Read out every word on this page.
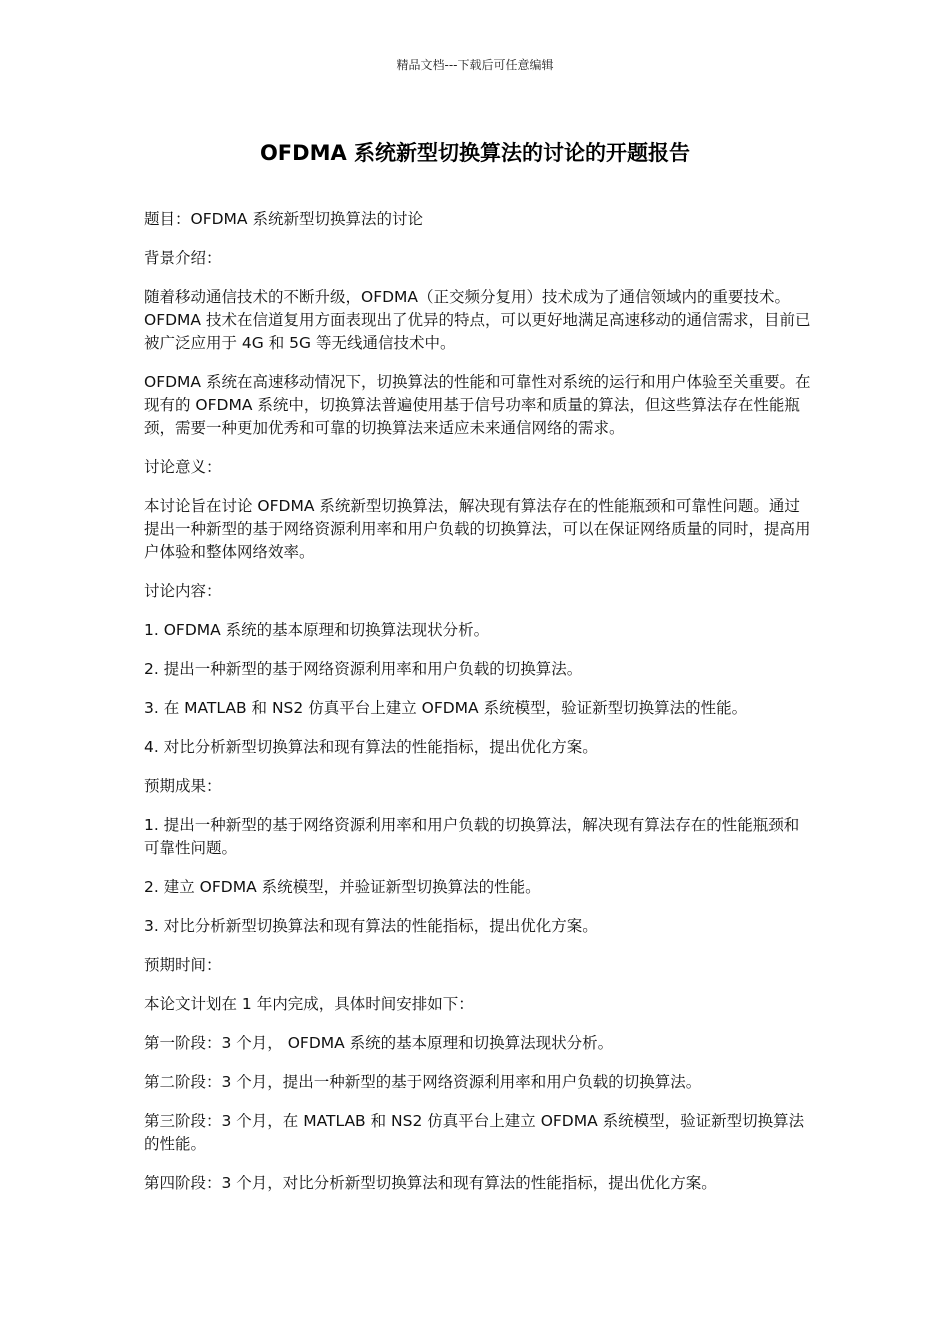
精品文档---下载后可任意编辑
OFDMA 系统新型切换算法的讨论的开题报告

题目：OFDMA 系统新型切换算法的讨论

背景介绍：

随着移动通信技术的不断升级，OFDMA（正交频分复用）技术成为了通信领域内的重要技术。OFDMA 技术在信道复用方面表现出了优异的特点，可以更好地满足高速移动的通信需求，目前已被广泛应用于 4G 和 5G 等无线通信技术中。

OFDMA 系统在高速移动情况下，切换算法的性能和可靠性对系统的运行和用户体验至关重要。在现有的 OFDMA 系统中，切换算法普遍使用基于信号功率和质量的算法，但这些算法存在性能瓶颈，需要一种更加优秀和可靠的切换算法来适应未来通信网络的需求。

讨论意义：

本讨论旨在讨论 OFDMA 系统新型切换算法，解决现有算法存在的性能瓶颈和可靠性问题。通过提出一种新型的基于网络资源利用率和用户负载的切换算法，可以在保证网络质量的同时，提高用户体验和整体网络效率。

讨论内容：

1. OFDMA 系统的基本原理和切换算法现状分析。

2. 提出一种新型的基于网络资源利用率和用户负载的切换算法。

3. 在 MATLAB 和 NS2 仿真平台上建立 OFDMA 系统模型，验证新型切换算法的性能。

4. 对比分析新型切换算法和现有算法的性能指标，提出优化方案。

预期成果：

1. 提出一种新型的基于网络资源利用率和用户负载的切换算法，解决现有算法存在的性能瓶颈和可靠性问题。

2. 建立 OFDMA 系统模型，并验证新型切换算法的性能。

3. 对比分析新型切换算法和现有算法的性能指标，提出优化方案。

预期时间：

本论文计划在 1 年内完成，具体时间安排如下：

第一阶段：3 个月， OFDMA 系统的基本原理和切换算法现状分析。

第二阶段：3 个月，提出一种新型的基于网络资源利用率和用户负载的切换算法。

第三阶段：3 个月，在 MATLAB 和 NS2 仿真平台上建立 OFDMA 系统模型，验证新型切换算法的性能。

第四阶段：3 个月，对比分析新型切换算法和现有算法的性能指标，提出优化方案。
